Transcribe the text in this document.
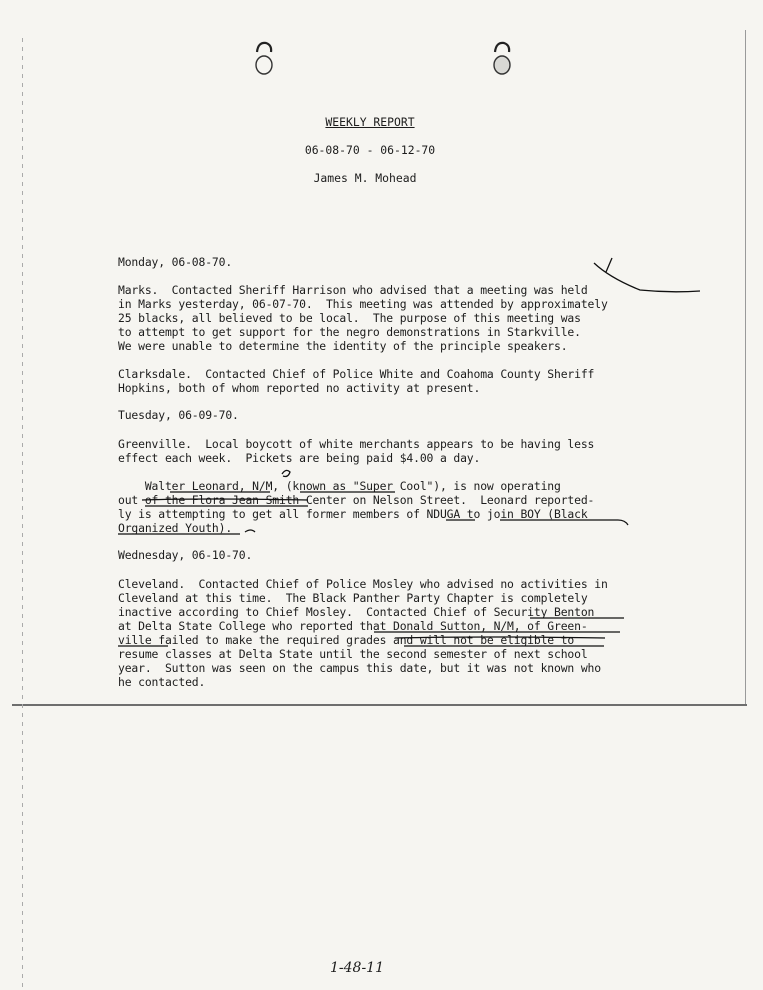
WEEKLY REPORT
06-08-70 - 06-12-70
James M. Mohead
Monday, 06-08-70.
Marks.  Contacted Sheriff Harrison who advised that a meeting was held
in Marks yesterday, 06-07-70.  This meeting was attended by approximately
25 blacks, all believed to be local.  The purpose of this meeting was
to attempt to get support for the negro demonstrations in Starkville.
We were unable to determine the identity of the principle speakers.
Clarksdale.  Contacted Chief of Police White and Coahoma County Sheriff
Hopkins, both of whom reported no activity at present.
Tuesday, 06-09-70.
Greenville.  Local boycott of white merchants appears to be having less
effect each week.  Pickets are being paid $4.00 a day.
Walter Leonard, N/M, (known as "Super Cool"), is now operating
out of the Flora Jean Smith Center on Nelson Street.  Leonard reported-
ly is attempting to get all former members of NDUGA to join BOY (Black
Organized Youth).
Wednesday, 06-10-70.
Cleveland.  Contacted Chief of Police Mosley who advised no activities in
Cleveland at this time.  The Black Panther Party Chapter is completely
inactive according to Chief Mosley.  Contacted Chief of Security Benton
at Delta State College who reported that Donald Sutton, N/M, of Green-
ville failed to make the required grades and will not be eligible to
resume classes at Delta State until the second semester of next school
year.  Sutton was seen on the campus this date, but it was not known who
he contacted.
1-48-11
